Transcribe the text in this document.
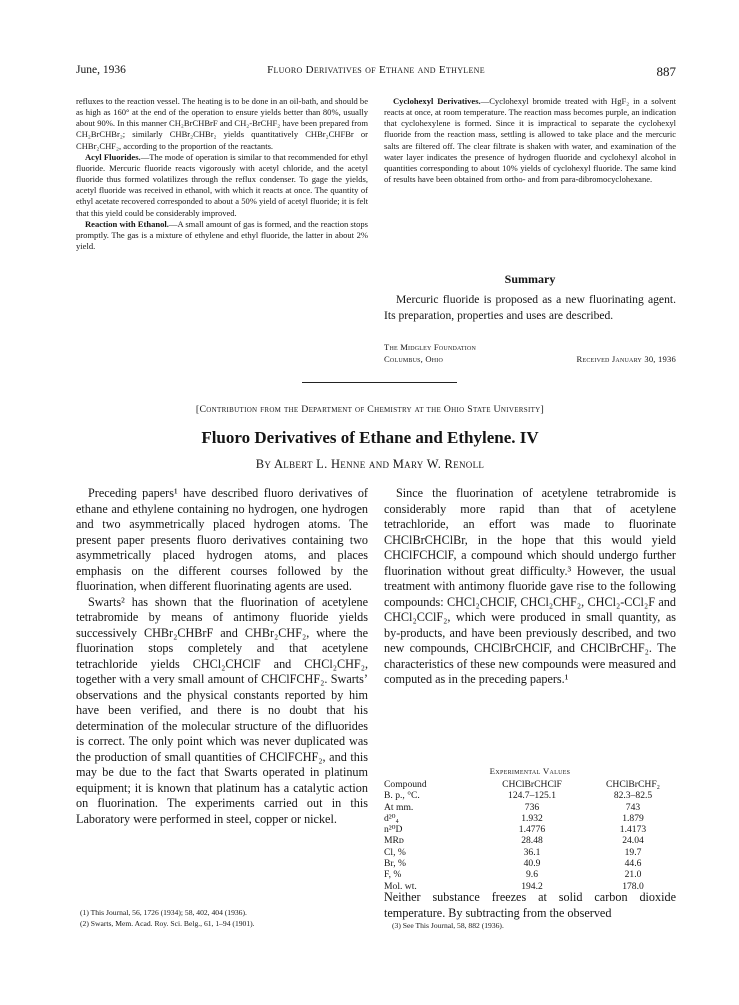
June, 1936	Fluoro Derivatives of Ethane and Ethylene	887

refluxes to the reaction vessel. The heating is to be done in an oil-bath, and should be as high as 160° at the end of the operation to ensure yields better than 80%, usually about 90%. In this manner CH₂BrCHBrF and CH₂-BrCHF₂ have been prepared from CH₂BrCHBr₂; similarly CHBr₂CHBr₂ yields quantitatively CHBr₂CHFBr or CHBr₂CHF₂, according to the proportion of the reactants.

Acyl Fluorides.—The mode of operation is similar to that recommended for ethyl fluoride. Mercuric fluoride reacts vigorously with acetyl chloride, and the acetyl fluoride thus formed volatilizes through the reflux condenser. To gage the yields, acetyl fluoride was received in ethanol, with which it reacts at once. The quantity of ethyl acetate recovered corresponded to about a 50% yield of acetyl fluoride; it is felt that this yield could be considerably improved.

Reaction with Ethanol.—A small amount of gas is formed, and the reaction stops promptly. The gas is a mixture of ethylene and ethyl fluoride, the latter in about 2% yield.

Cyclohexyl Derivatives.—Cyclohexyl bromide treated with HgF₂ in a solvent reacts at once, at room temperature. The reaction mass becomes purple, an indication that cyclohexylene is formed. Since it is impractical to separate the cyclohexyl fluoride from the reaction mass, settling is allowed to take place and the mercuric salts are filtered off. The clear filtrate is shaken with water, and examination of the water layer indicates the presence of hydrogen fluoride and cyclohexyl alcohol in quantities corresponding to about 10% yields of cyclohexyl fluoride. The same kind of results have been obtained from ortho- and from para-dibromocyclohexane.

Summary

Mercuric fluoride is proposed as a new fluorinating agent. Its preparation, properties and uses are described.

The Midgley Foundation
Columbus, Ohio	Received January 30, 1936
[Contribution from the Department of Chemistry at the Ohio State University]
Fluoro Derivatives of Ethane and Ethylene. IV
By Albert L. Henne and Mary W. Renoll

Preceding papers¹ have described fluoro derivatives of ethane and ethylene containing no hydrogen, one hydrogen and two asymmetrically placed hydrogen atoms. The present paper presents fluoro derivatives containing two asymmetrically placed hydrogen atoms, and places emphasis on the different courses followed by the fluorination, when different fluorinating agents are used.

Swarts² has shown that the fluorination of acetylene tetrabromide by means of antimony fluoride yields successively CHBr₂CHBrF and CHBr₂CHF₂, where the fluorination stops completely and that acetylene tetrachloride yields CHCl₂CHClF and CHCl₂CHF₂, together with a very small amount of CHClFCHF₂. Swarts’ observations and the physical constants reported by him have been verified, and there is no doubt that his determination of the molecular structure of the difluorides is correct. The only point which was never duplicated was the production of small quantities of CHClFCHF₂, and this may be due to the fact that Swarts operated in platinum equipment; it is known that platinum has a catalytic action on fluorination. The experiments carried out in this Laboratory were performed in steel, copper or nickel.

(1) This Journal, 56, 1726 (1934); 58, 402, 404 (1936).
(2) Swarts, Mem. Acad. Roy. Sci. Belg., 61, 1–94 (1901).

Since the fluorination of acetylene tetrabromide is considerably more rapid than that of acetylene tetrachloride, an effort was made to fluorinate CHClBrCHClBr, in the hope that this would yield CHClFCHClF, a compound which should undergo further fluorination without great difficulty.³ However, the usual treatment with antimony fluoride gave rise to the following compounds: CHCl₂CHClF, CHCl₂CHF₂, CHCl₂-CCl₂F and CHCl₂CClF₂, which were produced in small quantity, as by-products, and have been previously described, and two new compounds, CHClBrCHClF, and CHClBrCHF₂. The characteristics of these new compounds were measured and computed as in the preceding papers.¹

Experimental Values
Compound	CHClBrCHClF	CHClBrCHF₂
B. p., °C.	124.7–125.1	82.3–82.5
At mm.	736	743
d²⁰₄	1.932	1.879
n²⁰D	1.4776	1.4173
MRᴅ	28.48	24.04
Cl, %	36.1	19.7
Br, %	40.9	44.6
F, %	9.6	21.0
Mol. wt.	194.2	178.0
Neither substance freezes at solid carbon dioxide temperature. By subtracting from the observed
(3) See This Journal, 58, 882 (1936).
